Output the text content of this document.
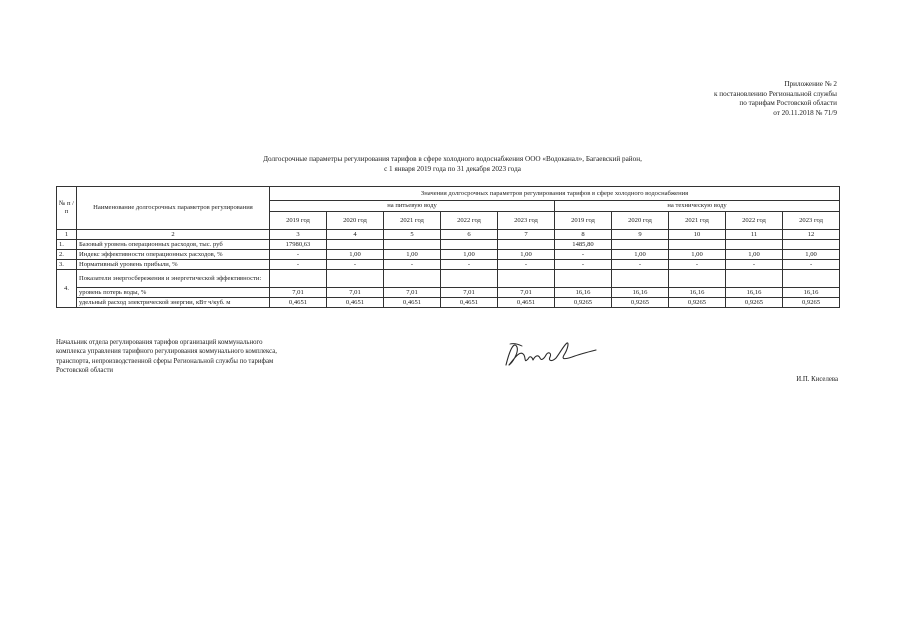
Приложение № 2
к постановлению Региональной службы
по тарифам Ростовской области
от 20.11.2018 № 71/9
Долгосрочные параметры регулирования тарифов в сфере холодного водоснабжения ООО «Водоканал», Багаевский район,
с 1 января 2019 года по 31 декабря 2023 года
№ п /п	Наименование долгосрочных параметров регулирования	Значения долгосрочных параметров регулирования тарифов в сфере холодного водоснабжения									
		на питьевую воду					на техническую воду				
		2019 год	2020 год	2021 год	2022 год	2023 год	2019 год	2020 год	2021 год	2022 год	2023 год
1	2	3	4	5	6	7	8	9	10	11	12
1.	Базовый уровень операционных расходов, тыс. руб	17980,63					1485,80				
2.	Индекс эффективности операционных расходов, %	-	1,00	1,00	1,00	1,00	-	1,00	1,00	1,00	1,00
3.	Нормативный уровень прибыли, %	-	-	-	-	-	-	-	-	-	-
4.	Показатели энергосбережения и энергетической эффективности:										
	уровень потерь воды, %	7,01	7,01	7,01	7,01	7,01	16,16	16,16	16,16	16,16	16,16
	удельный расход электрической энергии, кВт ч/куб. м	0,4651	0,4651	0,4651	0,4651	0,4651	0,9265	0,9265	0,9265	0,9265	0,9265
Начальник отдела регулирования тарифов организаций коммунального
комплекса управления тарифного регулирования коммунального комплекса,
транспорта, непроизводственной сферы Региональной службы по тарифам
Ростовской области
И.П. Киселева
